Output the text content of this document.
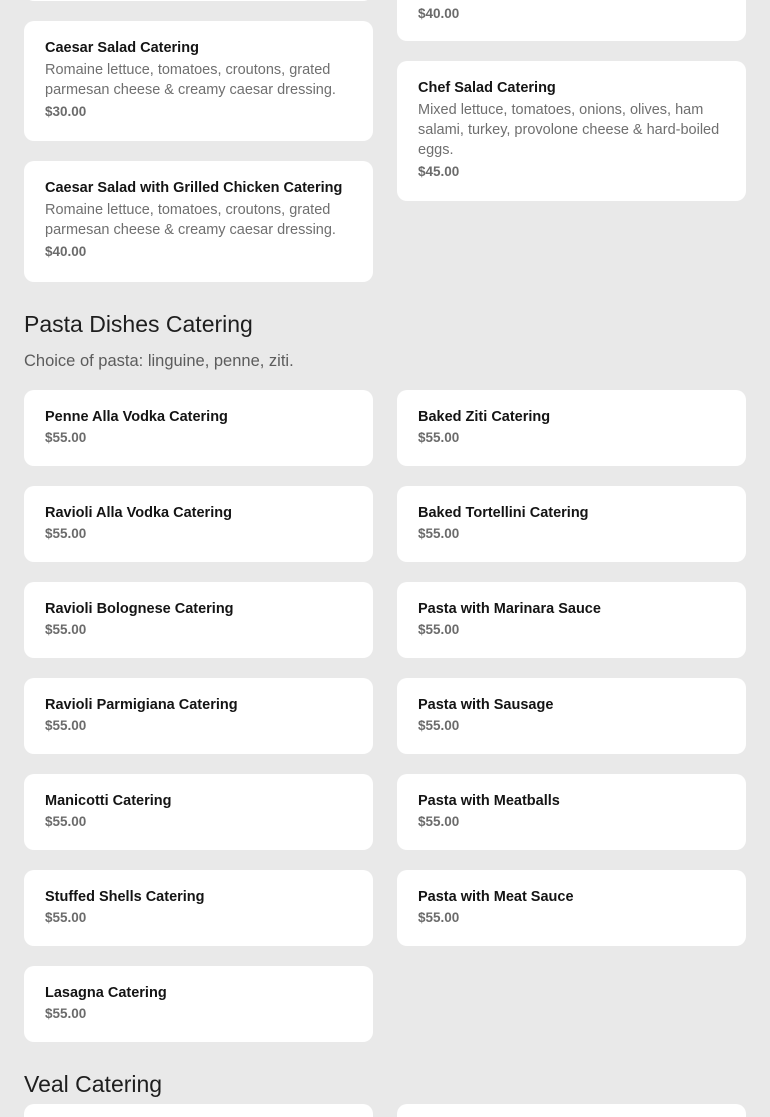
$40.00
Caesar Salad Catering
Romaine lettuce, tomatoes, croutons, grated parmesan cheese & creamy caesar dressing.
$30.00
Chef Salad Catering
Mixed lettuce, tomatoes, onions, olives, ham salami, turkey, provolone cheese & hard-boiled eggs.
$45.00
Caesar Salad with Grilled Chicken Catering
Romaine lettuce, tomatoes, croutons, grated parmesan cheese & creamy caesar dressing.
$40.00
Pasta Dishes Catering
Choice of pasta: linguine, penne, ziti.
Penne Alla Vodka Catering
$55.00
Baked Ziti Catering
$55.00
Ravioli Alla Vodka Catering
$55.00
Baked Tortellini Catering
$55.00
Ravioli Bolognese Catering
$55.00
Pasta with Marinara Sauce
$55.00
Ravioli Parmigiana Catering
$55.00
Pasta with Sausage
$55.00
Manicotti Catering
$55.00
Pasta with Meatballs
$55.00
Stuffed Shells Catering
$55.00
Pasta with Meat Sauce
$55.00
Lasagna Catering
$55.00
Veal Catering
